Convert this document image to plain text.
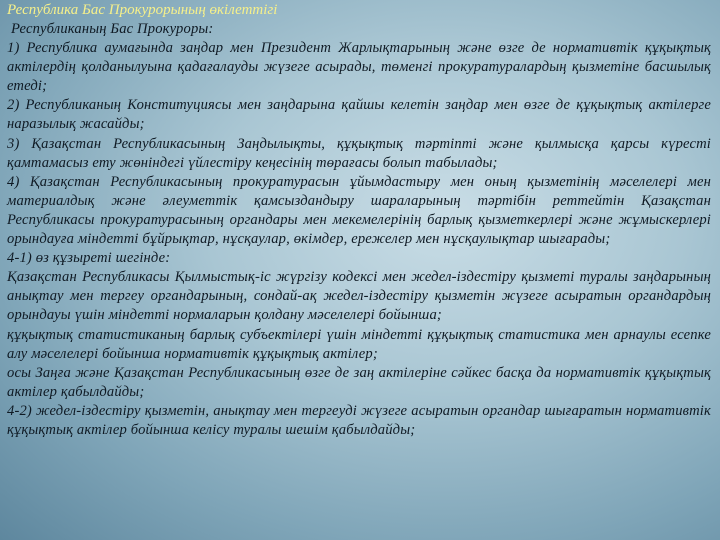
Республика Бас Прокурорының өкілеттігі

Республиканың Бас Прокуроры:

1) Республика аумағында заңдар мен Президент Жарлықтарының және өзге де нормативтік құқықтық актілердің қолданылуына қадағалауды жүзеге асырады, төменгі прокуратуралардың қызметіне басшылық етеді;

2) Республиканың Конституциясы мен заңдарына қайшы келетін заңдар мен өзге де құқықтық актілерге наразылық жасайды;

3) Қазақстан Республикасының Заңдылықты, құқықтық тәртіпті және қылмысқа қарсы күресті қамтамасыз ету жөніндегі үйлестіру кеңесінің төрағасы болып табылады;

4) Қазақстан Республикасының прокуратурасын ұйымдастыру мен оның қызметінің мәселелері мен материалдық және әлеуметтік қамсыздандыру шараларының тәртібін реттейтін Қазақстан Республикасы прокуратурасының органдары мен мекемелерінің барлық қызметкерлері және жұмыскерлері орындауға міндетті бұйрықтар, нұсқаулар, өкімдер, ережелер мен нұсқаулықтар шығарады;

4-1) өз құзыреті шегінде:

Қазақстан Республикасы Қылмыстық-іс жүргізу кодексі мен жедел-іздестіру қызметі туралы заңдарының анықтау мен тергеу органдарының, сондай-ақ жедел-іздестіру қызметін жүзеге асыратын органдардың орындауы үшін міндетті нормаларын қолдану мәселелері бойынша;

құқықтық статистиканың барлық субъектілері үшін міндетті құқықтық статистика мен арнаулы есепке алу мәселелері бойынша нормативтік құқықтық актілер;

осы Заңға және Қазақстан Республикасының өзге де заң актілеріне сәйкес басқа да нормативтік құқықтық актілер қабылдайды;

4-2) жедел-іздестіру қызметін, анықтау мен тергеуді жүзеге асыратын органдар шығаратын нормативтік құқықтық актілер бойынша келісу туралы шешім қабылдайды;
